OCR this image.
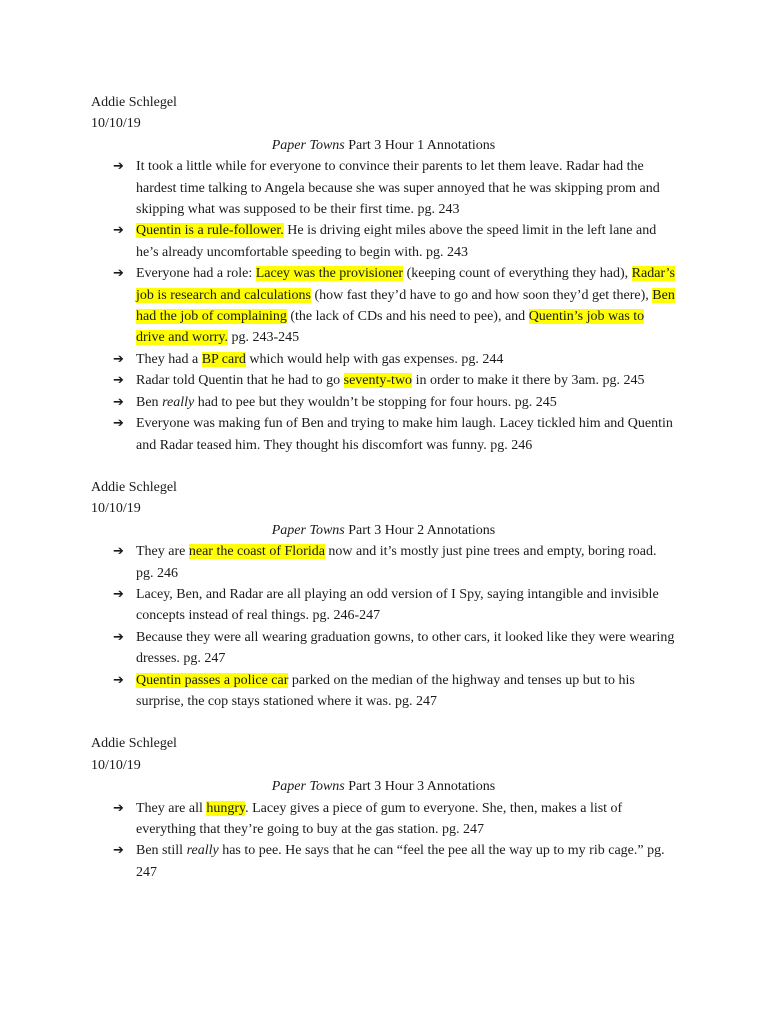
Addie Schlegel
10/10/19
Paper Towns Part 3 Hour 1 Annotations
➔ It took a little while for everyone to convince their parents to let them leave. Radar had the hardest time talking to Angela because she was super annoyed that he was skipping prom and skipping what was supposed to be their first time. pg. 243
➔ Quentin is a rule-follower. He is driving eight miles above the speed limit in the left lane and he’s already uncomfortable speeding to begin with. pg. 243
➔ Everyone had a role: Lacey was the provisioner (keeping count of everything they had), Radar’s job is research and calculations (how fast they’d have to go and how soon they’d get there), Ben had the job of complaining (the lack of CDs and his need to pee), and Quentin’s job was to drive and worry. pg. 243-245
➔ They had a BP card which would help with gas expenses. pg. 244
➔ Radar told Quentin that he had to go seventy-two in order to make it there by 3am. pg. 245
➔ Ben really had to pee but they wouldn’t be stopping for four hours. pg. 245
➔ Everyone was making fun of Ben and trying to make him laugh. Lacey tickled him and Quentin and Radar teased him. They thought his discomfort was funny. pg. 246
Addie Schlegel
10/10/19
Paper Towns Part 3 Hour 2 Annotations
➔ They are near the coast of Florida now and it’s mostly just pine trees and empty, boring road. pg. 246
➔ Lacey, Ben, and Radar are all playing an odd version of I Spy, saying intangible and invisible concepts instead of real things. pg. 246-247
➔ Because they were all wearing graduation gowns, to other cars, it looked like they were wearing dresses. pg. 247
➔ Quentin passes a police car parked on the median of the highway and tenses up but to his surprise, the cop stays stationed where it was. pg. 247
Addie Schlegel
10/10/19
Paper Towns Part 3 Hour 3 Annotations
➔ They are all hungry. Lacey gives a piece of gum to everyone. She, then, makes a list of everything that they’re going to buy at the gas station. pg. 247
➔ Ben still really has to pee. He says that he can “feel the pee all the way up to my rib cage.” pg. 247
